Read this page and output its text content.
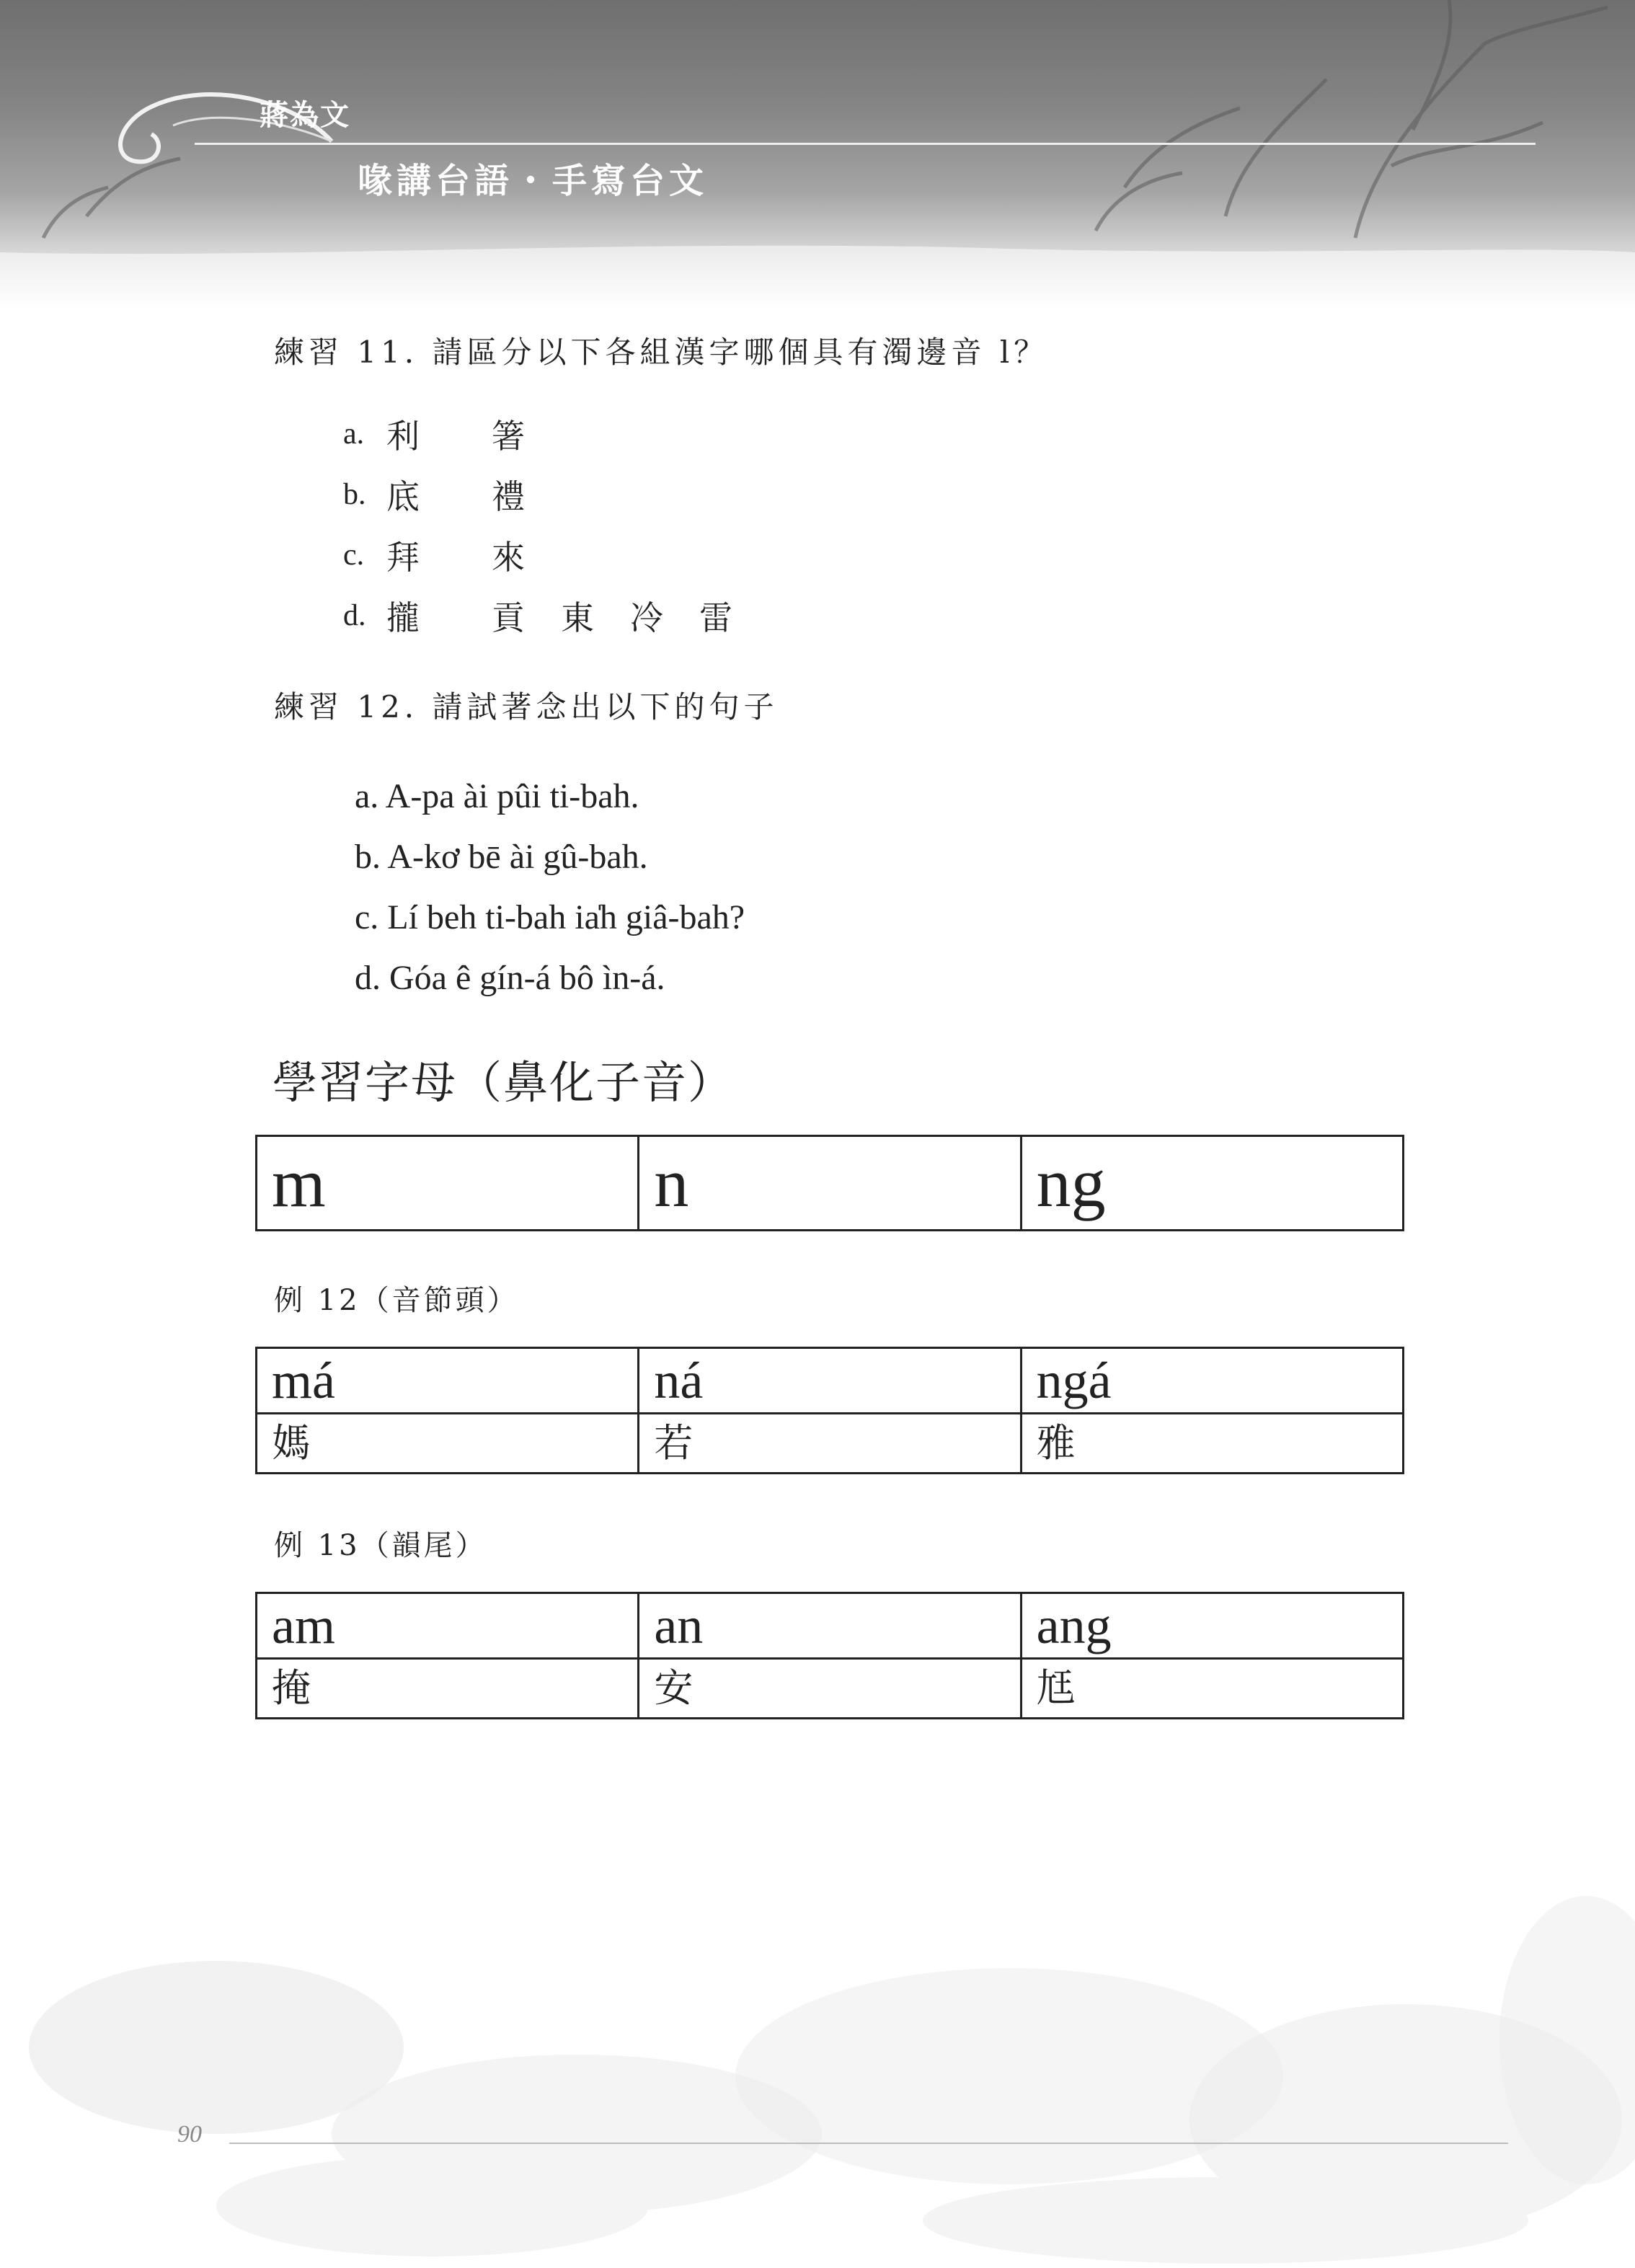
蔣為文
喙講台語・手寫台文
練習 11. 請區分以下各組漢字哪個具有濁邊音 l？
a. 利 箸
b. 底 禮
c. 拜 來
d. 攏 貢 東 冷 雷
練習 12. 請試著念出以下的句子
a. A-pa ài pûi ti-bah.
b. A-kơ bē ài gû-bah.
c. Lí beh ti-bah ia̍h giâ-bah?
d. Góa ê gín-á bô ìn-á.
學習字母（鼻化子音）
m	n	ng
例 12（音節頭）
má	ná	ngá
媽	若	雅
例 13（韻尾）
am	an	ang
掩	安	尪
90
